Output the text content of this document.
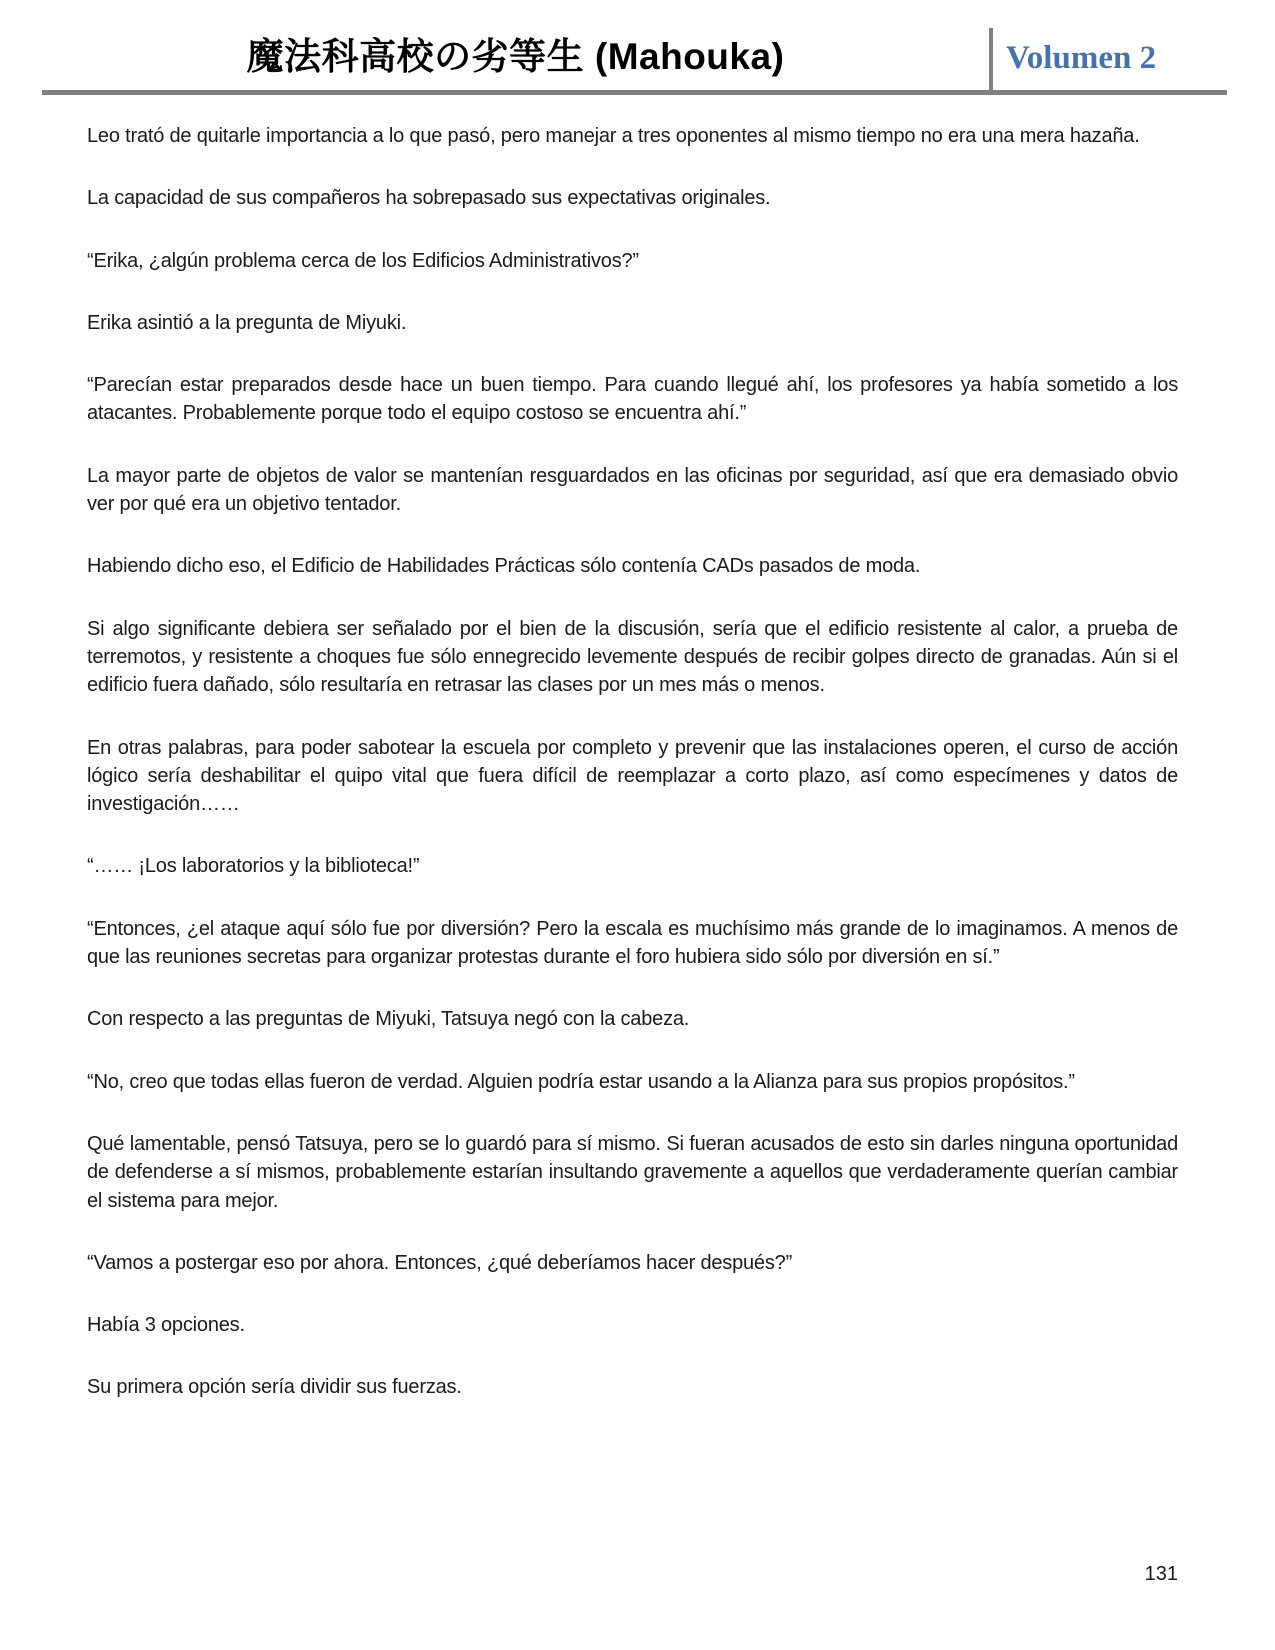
魔法科高校の劣等生 (Mahouka)	Volumen 2

Leo trató de quitarle importancia a lo que pasó, pero manejar a tres oponentes al mismo tiempo no era una mera hazaña.

La capacidad de sus compañeros ha sobrepasado sus expectativas originales.

“Erika, ¿algún problema cerca de los Edificios Administrativos?”

Erika asintió a la pregunta de Miyuki.

“Parecían estar preparados desde hace un buen tiempo. Para cuando llegué ahí, los profesores ya había sometido a los atacantes. Probablemente porque todo el equipo costoso se encuentra ahí.”

La mayor parte de objetos de valor se mantenían resguardados en las oficinas por seguridad, así que era demasiado obvio ver por qué era un objetivo tentador.

Habiendo dicho eso, el Edificio de Habilidades Prácticas sólo contenía CADs pasados de moda.

Si algo significante debiera ser señalado por el bien de la discusión, sería que el edificio resistente al calor, a prueba de terremotos, y resistente a choques fue sólo ennegrecido levemente después de recibir golpes directo de granadas. Aún si el edificio fuera dañado, sólo resultaría en retrasar las clases por un mes más o menos.

En otras palabras, para poder sabotear la escuela por completo y prevenir que las instalaciones operen, el curso de acción lógico sería deshabilitar el quipo vital que fuera difícil de reemplazar a corto plazo, así como especímenes y datos de investigación……

“…… ¡Los laboratorios y la biblioteca!”

“Entonces, ¿el ataque aquí sólo fue por diversión? Pero la escala es muchísimo más grande de lo imaginamos. A menos de que las reuniones secretas para organizar protestas durante el foro hubiera sido sólo por diversión en sí.”

Con respecto a las preguntas de Miyuki, Tatsuya negó con la cabeza.

“No, creo que todas ellas fueron de verdad. Alguien podría estar usando a la Alianza para sus propios propósitos.”

Qué lamentable, pensó Tatsuya, pero se lo guardó para sí mismo. Si fueran acusados de esto sin darles ninguna oportunidad de defenderse a sí mismos, probablemente estarían insultando gravemente a aquellos que verdaderamente querían cambiar el sistema para mejor.

“Vamos a postergar eso por ahora. Entonces, ¿qué deberíamos hacer después?”

Había 3 opciones.

Su primera opción sería dividir sus fuerzas.

131
